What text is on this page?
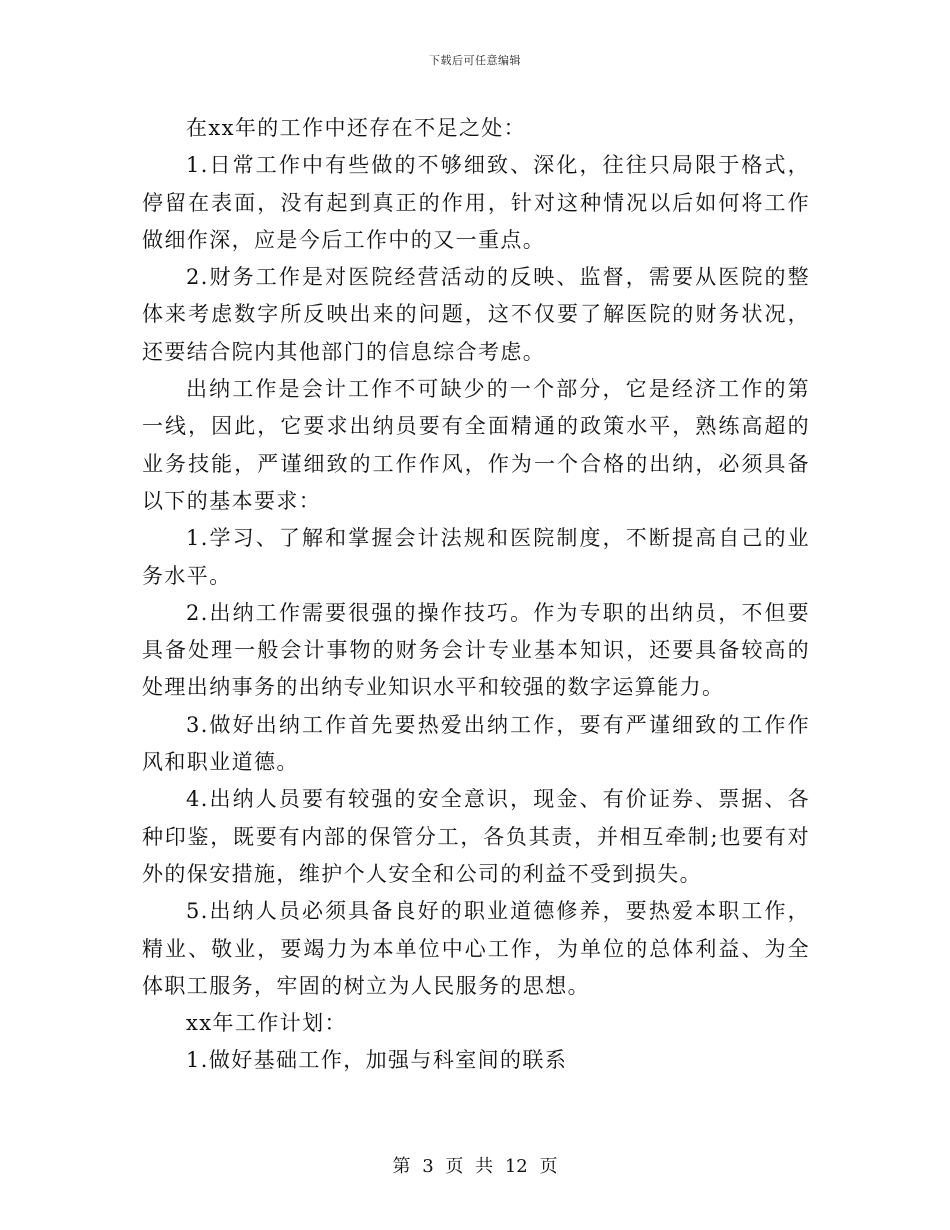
下载后可任意编辑

在xx年的工作中还存在不足之处：

1.日常工作中有些做的不够细致、深化，往往只局限于格式，停留在表面，没有起到真正的作用，针对这种情况以后如何将工作做细作深，应是今后工作中的又一重点。

2.财务工作是对医院经营活动的反映、监督，需要从医院的整体来考虑数字所反映出来的问题，这不仅要了解医院的财务状况，还要结合院内其他部门的信息综合考虑。

出纳工作是会计工作不可缺少的一个部分，它是经济工作的第一线，因此，它要求出纳员要有全面精通的政策水平，熟练高超的业务技能，严谨细致的工作作风，作为一个合格的出纳，必须具备以下的基本要求：

1.学习、了解和掌握会计法规和医院制度，不断提高自己的业务水平。

2.出纳工作需要很强的操作技巧。作为专职的出纳员，不但要具备处理一般会计事物的财务会计专业基本知识，还要具备较高的处理出纳事务的出纳专业知识水平和较强的数字运算能力。

3.做好出纳工作首先要热爱出纳工作，要有严谨细致的工作作风和职业道德。

4.出纳人员要有较强的安全意识，现金、有价证券、票据、各种印鉴，既要有内部的保管分工，各负其责，并相互牵制;也要有对外的保安措施，维护个人安全和公司的利益不受到损失。

5.出纳人员必须具备良好的职业道德修养，要热爱本职工作，精业、敬业，要竭力为本单位中心工作，为单位的总体利益、为全体职工服务，牢固的树立为人民服务的思想。

xx年工作计划：

1.做好基础工作，加强与科室间的联系

第 3 页 共 12 页
